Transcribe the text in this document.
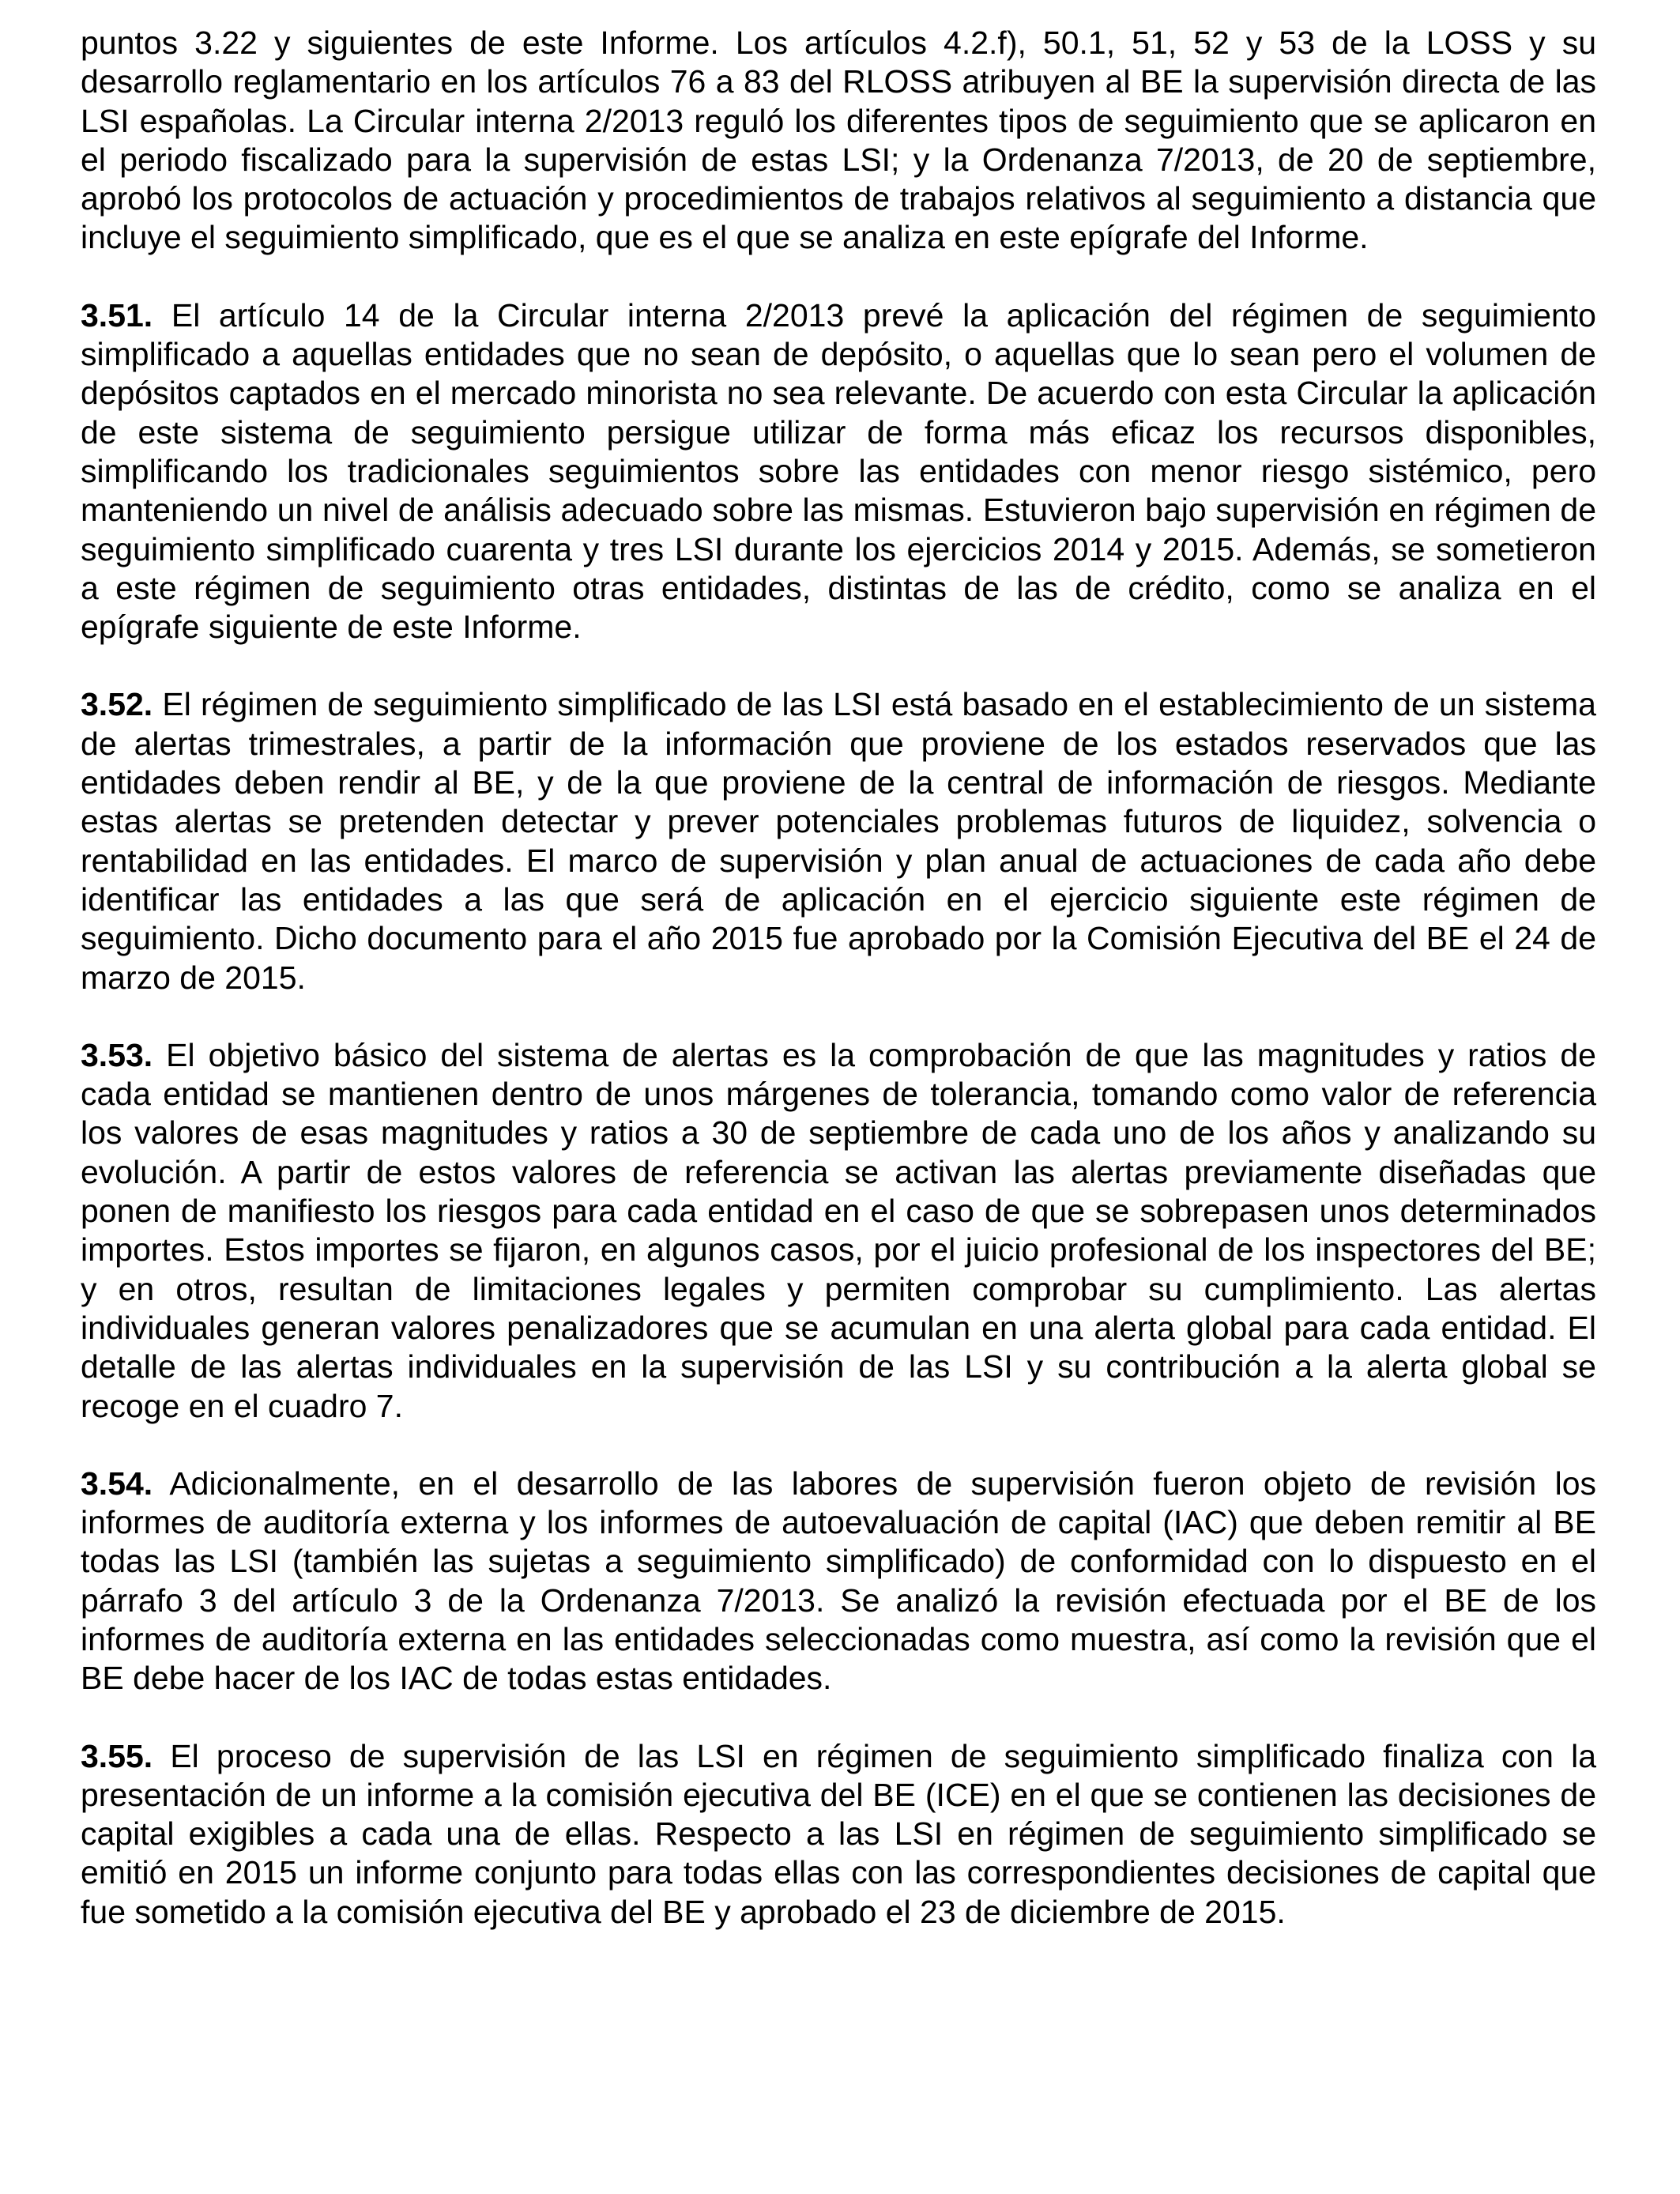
puntos 3.22 y siguientes de este Informe. Los artículos 4.2.f), 50.1, 51, 52 y 53 de la LOSS y su desarrollo reglamentario en los artículos 76 a 83 del RLOSS atribuyen al BE la supervisión directa de las LSI españolas. La Circular interna 2/2013 reguló los diferentes tipos de seguimiento que se aplicaron en el periodo fiscalizado para la supervisión de estas LSI; y la Ordenanza 7/2013, de 20 de septiembre, aprobó los protocolos de actuación y procedimientos de trabajos relativos al seguimiento a distancia que incluye el seguimiento simplificado, que es el que se analiza en este epígrafe del Informe.

3.51. El artículo 14 de la Circular interna 2/2013 prevé la aplicación del régimen de seguimiento simplificado a aquellas entidades que no sean de depósito, o aquellas que lo sean pero el volumen de depósitos captados en el mercado minorista no sea relevante. De acuerdo con esta Circular la aplicación de este sistema de seguimiento persigue utilizar de forma más eficaz los recursos disponibles, simplificando los tradicionales seguimientos sobre las entidades con menor riesgo sistémico, pero manteniendo un nivel de análisis adecuado sobre las mismas. Estuvieron bajo supervisión en régimen de seguimiento simplificado cuarenta y tres LSI durante los ejercicios 2014 y 2015. Además, se sometieron a este régimen de seguimiento otras entidades, distintas de las de crédito, como se analiza en el epígrafe siguiente de este Informe.

3.52. El régimen de seguimiento simplificado de las LSI está basado en el establecimiento de un sistema de alertas trimestrales, a partir de la información que proviene de los estados reservados que las entidades deben rendir al BE, y de la que proviene de la central de información de riesgos. Mediante estas alertas se pretenden detectar y prever potenciales problemas futuros de liquidez, solvencia o rentabilidad en las entidades. El marco de supervisión y plan anual de actuaciones de cada año debe identificar las entidades a las que será de aplicación en el ejercicio siguiente este régimen de seguimiento. Dicho documento para el año 2015 fue aprobado por la Comisión Ejecutiva del BE el 24 de marzo de 2015.

3.53. El objetivo básico del sistema de alertas es la comprobación de que las magnitudes y ratios de cada entidad se mantienen dentro de unos márgenes de tolerancia, tomando como valor de referencia los valores de esas magnitudes y ratios a 30 de septiembre de cada uno de los años y analizando su evolución. A partir de estos valores de referencia se activan las alertas previamente diseñadas que ponen de manifiesto los riesgos para cada entidad en el caso de que se sobrepasen unos determinados importes. Estos importes se fijaron, en algunos casos, por el juicio profesional de los inspectores del BE; y en otros, resultan de limitaciones legales y permiten comprobar su cumplimiento. Las alertas individuales generan valores penalizadores que se acumulan en una alerta global para cada entidad. El detalle de las alertas individuales en la supervisión de las LSI y su contribución a la alerta global se recoge en el cuadro 7.

3.54. Adicionalmente, en el desarrollo de las labores de supervisión fueron objeto de revisión los informes de auditoría externa y los informes de autoevaluación de capital (IAC) que deben remitir al BE todas las LSI (también las sujetas a seguimiento simplificado) de conformidad con lo dispuesto en el párrafo 3 del artículo 3 de la Ordenanza 7/2013. Se analizó la revisión efectuada por el BE de los informes de auditoría externa en las entidades seleccionadas como muestra, así como la revisión que el BE debe hacer de los IAC de todas estas entidades.

3.55. El proceso de supervisión de las LSI en régimen de seguimiento simplificado finaliza con la presentación de un informe a la comisión ejecutiva del BE (ICE) en el que se contienen las decisiones de capital exigibles a cada una de ellas. Respecto a las LSI en régimen de seguimiento simplificado se emitió en 2015 un informe conjunto para todas ellas con las correspondientes decisiones de capital que fue sometido a la comisión ejecutiva del BE y aprobado el 23 de diciembre de 2015.
